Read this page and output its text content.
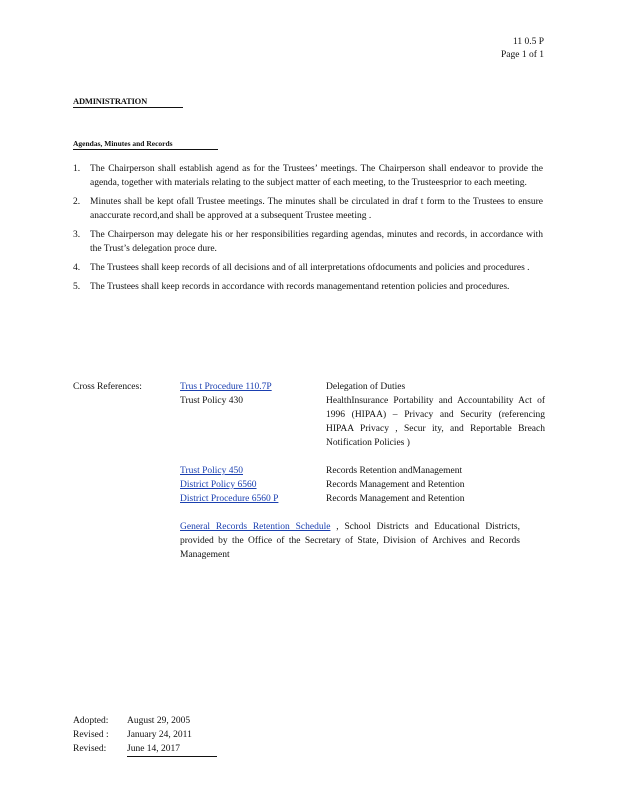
11 0.5 P
Page 1 of 1
ADMINISTRATION
Agendas, Minutes and Records
1.	The Chairperson shall establish agend as for the Trustees’ meetings. The Chairperson shall endeavor to provide the agenda, together with materials relating to the subject matter of each meeting, to the Trusteesprior to each meeting.
2.	Minutes shall be kept ofall Trustee meetings. The minutes shall be circulated in draf t form to the Trustees to ensure anaccurate record,and shall be approved at a subsequent Trustee meeting .
3.	The Chairperson may delegate his or her responsibilities regarding agendas, minutes and records, in accordance with the Trust’s delegation proce dure.
4.	The Trustees shall keep records of all decisions and of all interpretations ofdocuments and policies and procedures .
5.	The Trustees shall keep records in accordance with records managementand retention policies and procedures.
Cross References:	Trus t Procedure 110.7P	Delegation of Duties
Trust Policy 430	HealthInsurance Portability and Accountability Act of 1996 (HIPAA) – Privacy and Security (referencing HIPAA Privacy , Secur ity, and Reportable Breach Notification Policies )
Trust Policy 450	Records Retention andManagement
District Policy 6560	Records Management and Retention
District Procedure 6560 P	Records Management and Retention
General Records Retention Schedule , School Districts and Educational Districts, provided by the Office of the Secretary of State, Division of Archives and Records Management
Adopted:	August 29, 2005
Revised :	January 24, 2011
Revised:	June 14, 2017
